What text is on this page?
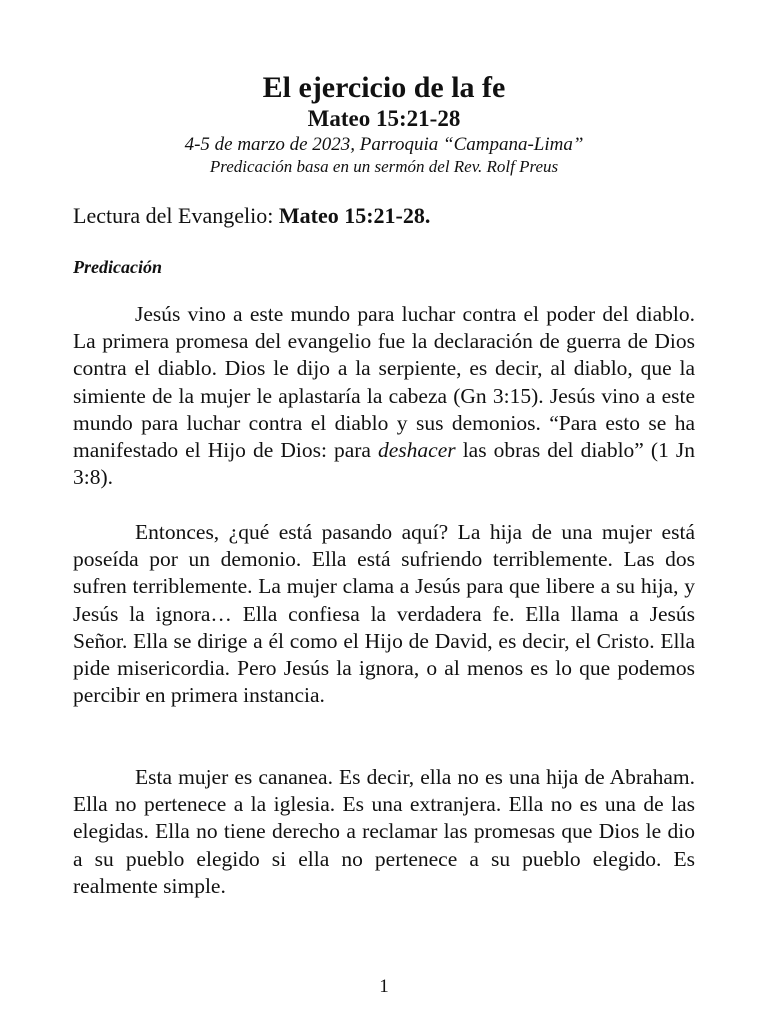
El ejercicio de la fe
Mateo 15:21-28
4-5 de marzo de 2023, Parroquia “Campana-Lima”
Predicación basa en un sermón del Rev. Rolf Preus

Lectura del Evangelio: Mateo 15:21-28.

Predicación

Jesús vino a este mundo para luchar contra el poder del diablo. La primera promesa del evangelio fue la declaración de guerra de Dios contra el diablo. Dios le dijo a la serpiente, es decir, al diablo, que la simiente de la mujer le aplastaría la cabeza (Gn 3:15). Jesús vino a este mundo para luchar contra el diablo y sus demonios. “Para esto se ha manifestado el Hijo de Dios: para deshacer las obras del diablo” (1 Jn 3:8).

Entonces, ¿qué está pasando aquí? La hija de una mujer está poseída por un demonio. Ella está sufriendo terriblemente. Las dos sufren terriblemente. La mujer clama a Jesús para que libere a su hija, y Jesús la ignora… Ella confiesa la verdadera fe. Ella llama a Jesús Señor. Ella se dirige a él como el Hijo de David, es decir, el Cristo. Ella pide misericordia. Pero Jesús la ignora, o al menos es lo que podemos percibir en primera instancia.

Esta mujer es cananea. Es decir, ella no es una hija de Abraham. Ella no pertenece a la iglesia. Es una extranjera. Ella no es una de las elegidas. Ella no tiene derecho a reclamar las promesas que Dios le dio a su pueblo elegido si ella no pertenece a su pueblo elegido. Es realmente simple.

1
